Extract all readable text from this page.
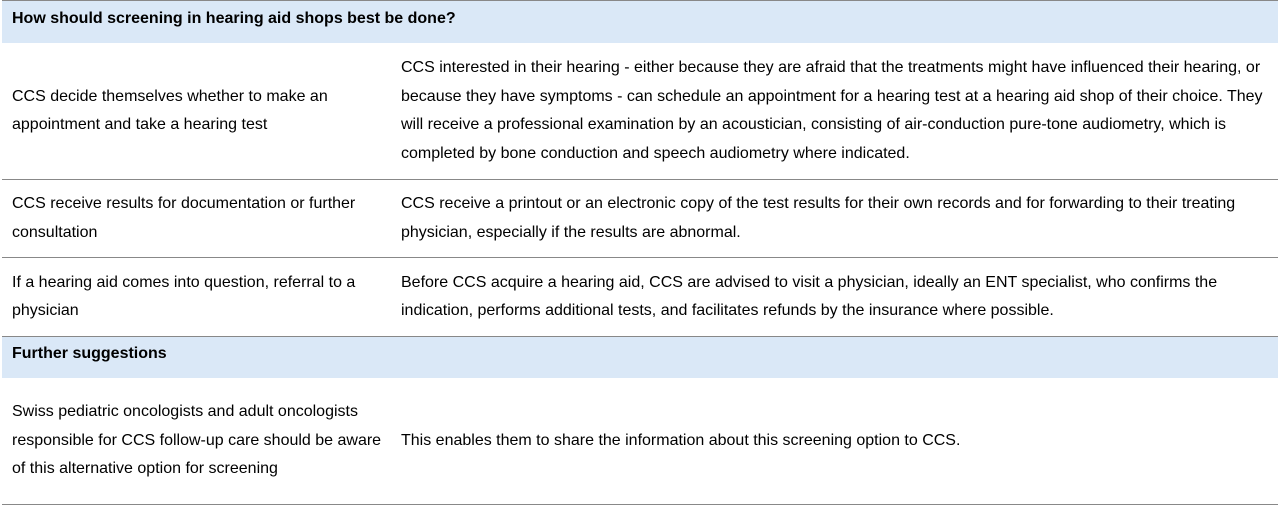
How should screening in hearing aid shops best be done?
CCS decide themselves whether to make an appointment and take a hearing test
CCS interested in their hearing - either because they are afraid that the treatments might have influenced their hearing, or because they have symptoms - can schedule an appointment for a hearing test at a hearing aid shop of their choice. They will receive a professional examination by an acoustician, consisting of air-conduction pure-tone audiometry, which is completed by bone conduction and speech audiometry where indicated.
CCS receive results for documentation or further consultation
CCS receive a printout or an electronic copy of the test results for their own records and for forwarding to their treating physician, especially if the results are abnormal.
If a hearing aid comes into question, referral to a physician
Before CCS acquire a hearing aid, CCS are advised to visit a physician, ideally an ENT specialist, who confirms the indication, performs additional tests, and facilitates refunds by the insurance where possible.
Further suggestions
Swiss pediatric oncologists and adult oncologists responsible for CCS follow-up care should be aware of this alternative option for screening
This enables them to share the information about this screening option to CCS.
